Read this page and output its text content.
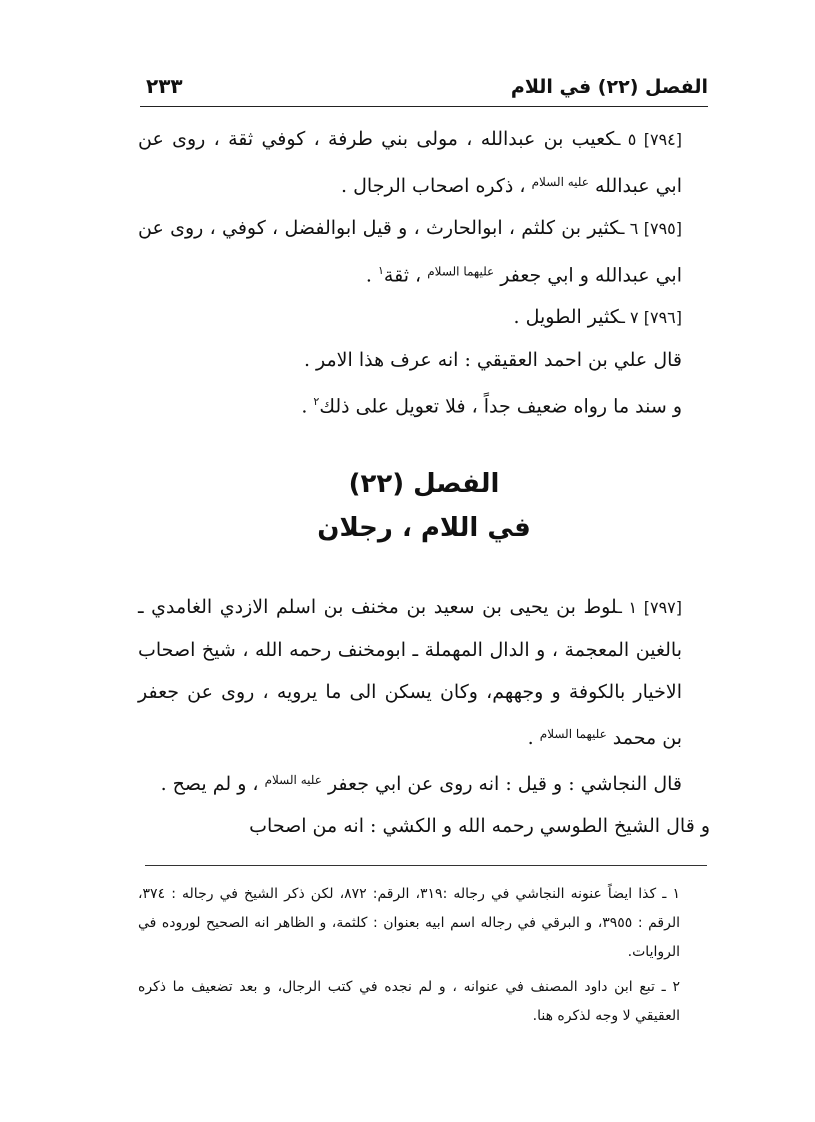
٢٣٣	الفصل (٢٢) في اللام

[٧٩٤] ٥ ـكعيب بن عبدالله ، مولى بني طرفة ، كوفي ثقة ، روى عن ابي عبدالله $^{عليه السلام}$ ، ذكره اصحاب الرجال .

[٧٩٥] ٦ ـكثير بن كلثم ، ابوالحارث ، و قيل ابوالفضل ، كوفي ، روى عن ابي عبدالله و ابي جعفر $^{عليهما السلام}$ ، ثقة$^١$ .

[٧٩٦] ٧ ـكثير الطويل .

قال علي بن احمد العقيقي : انه عرف هذا الامر .

و سند ما رواه ضعيف جداً ، فلا تعويل على ذلك$^٢$ .

الفصل (٢٢)
في اللام ، رجلان

[٧٩٧] ١ ـلوط بن يحيى بن سعيد بن مخنف بن اسلم الازدي الغامدي ـ بالغين المعجمة ، و الدال المهملة ـ ابومخنف رحمه الله ، شيخ اصحاب الاخيار بالكوفة و وجههم، وكان يسكن الى ما يرويه ، روى عن جعفر بن محمد $^{عليهما السلام}$ .

قال النجاشي : و قيل : انه روى عن ابي جعفر $^{عليه السلام}$ ، و لم يصح .

و قال الشيخ الطوسي رحمه الله و الكشي : انه من اصحاب

١ ـ كذا ايضاً عنونه النجاشي في رجاله :٣١٩، الرقم: ٨٧٢، لكن ذكر الشيخ في رجاله : ٣٧٤، الرقم : ٣٩٥٥، و البرقي في رجاله اسم ابيه بعنوان : كلثمة، و الظاهر انه الصحيح لوروده في الروايات.

٢ ـ تبع ابن داود المصنف في عنوانه ، و لم نجده في كتب الرجال، و بعد تضعيف ما ذكره العقيقي لا وجه لذكره هنا.
